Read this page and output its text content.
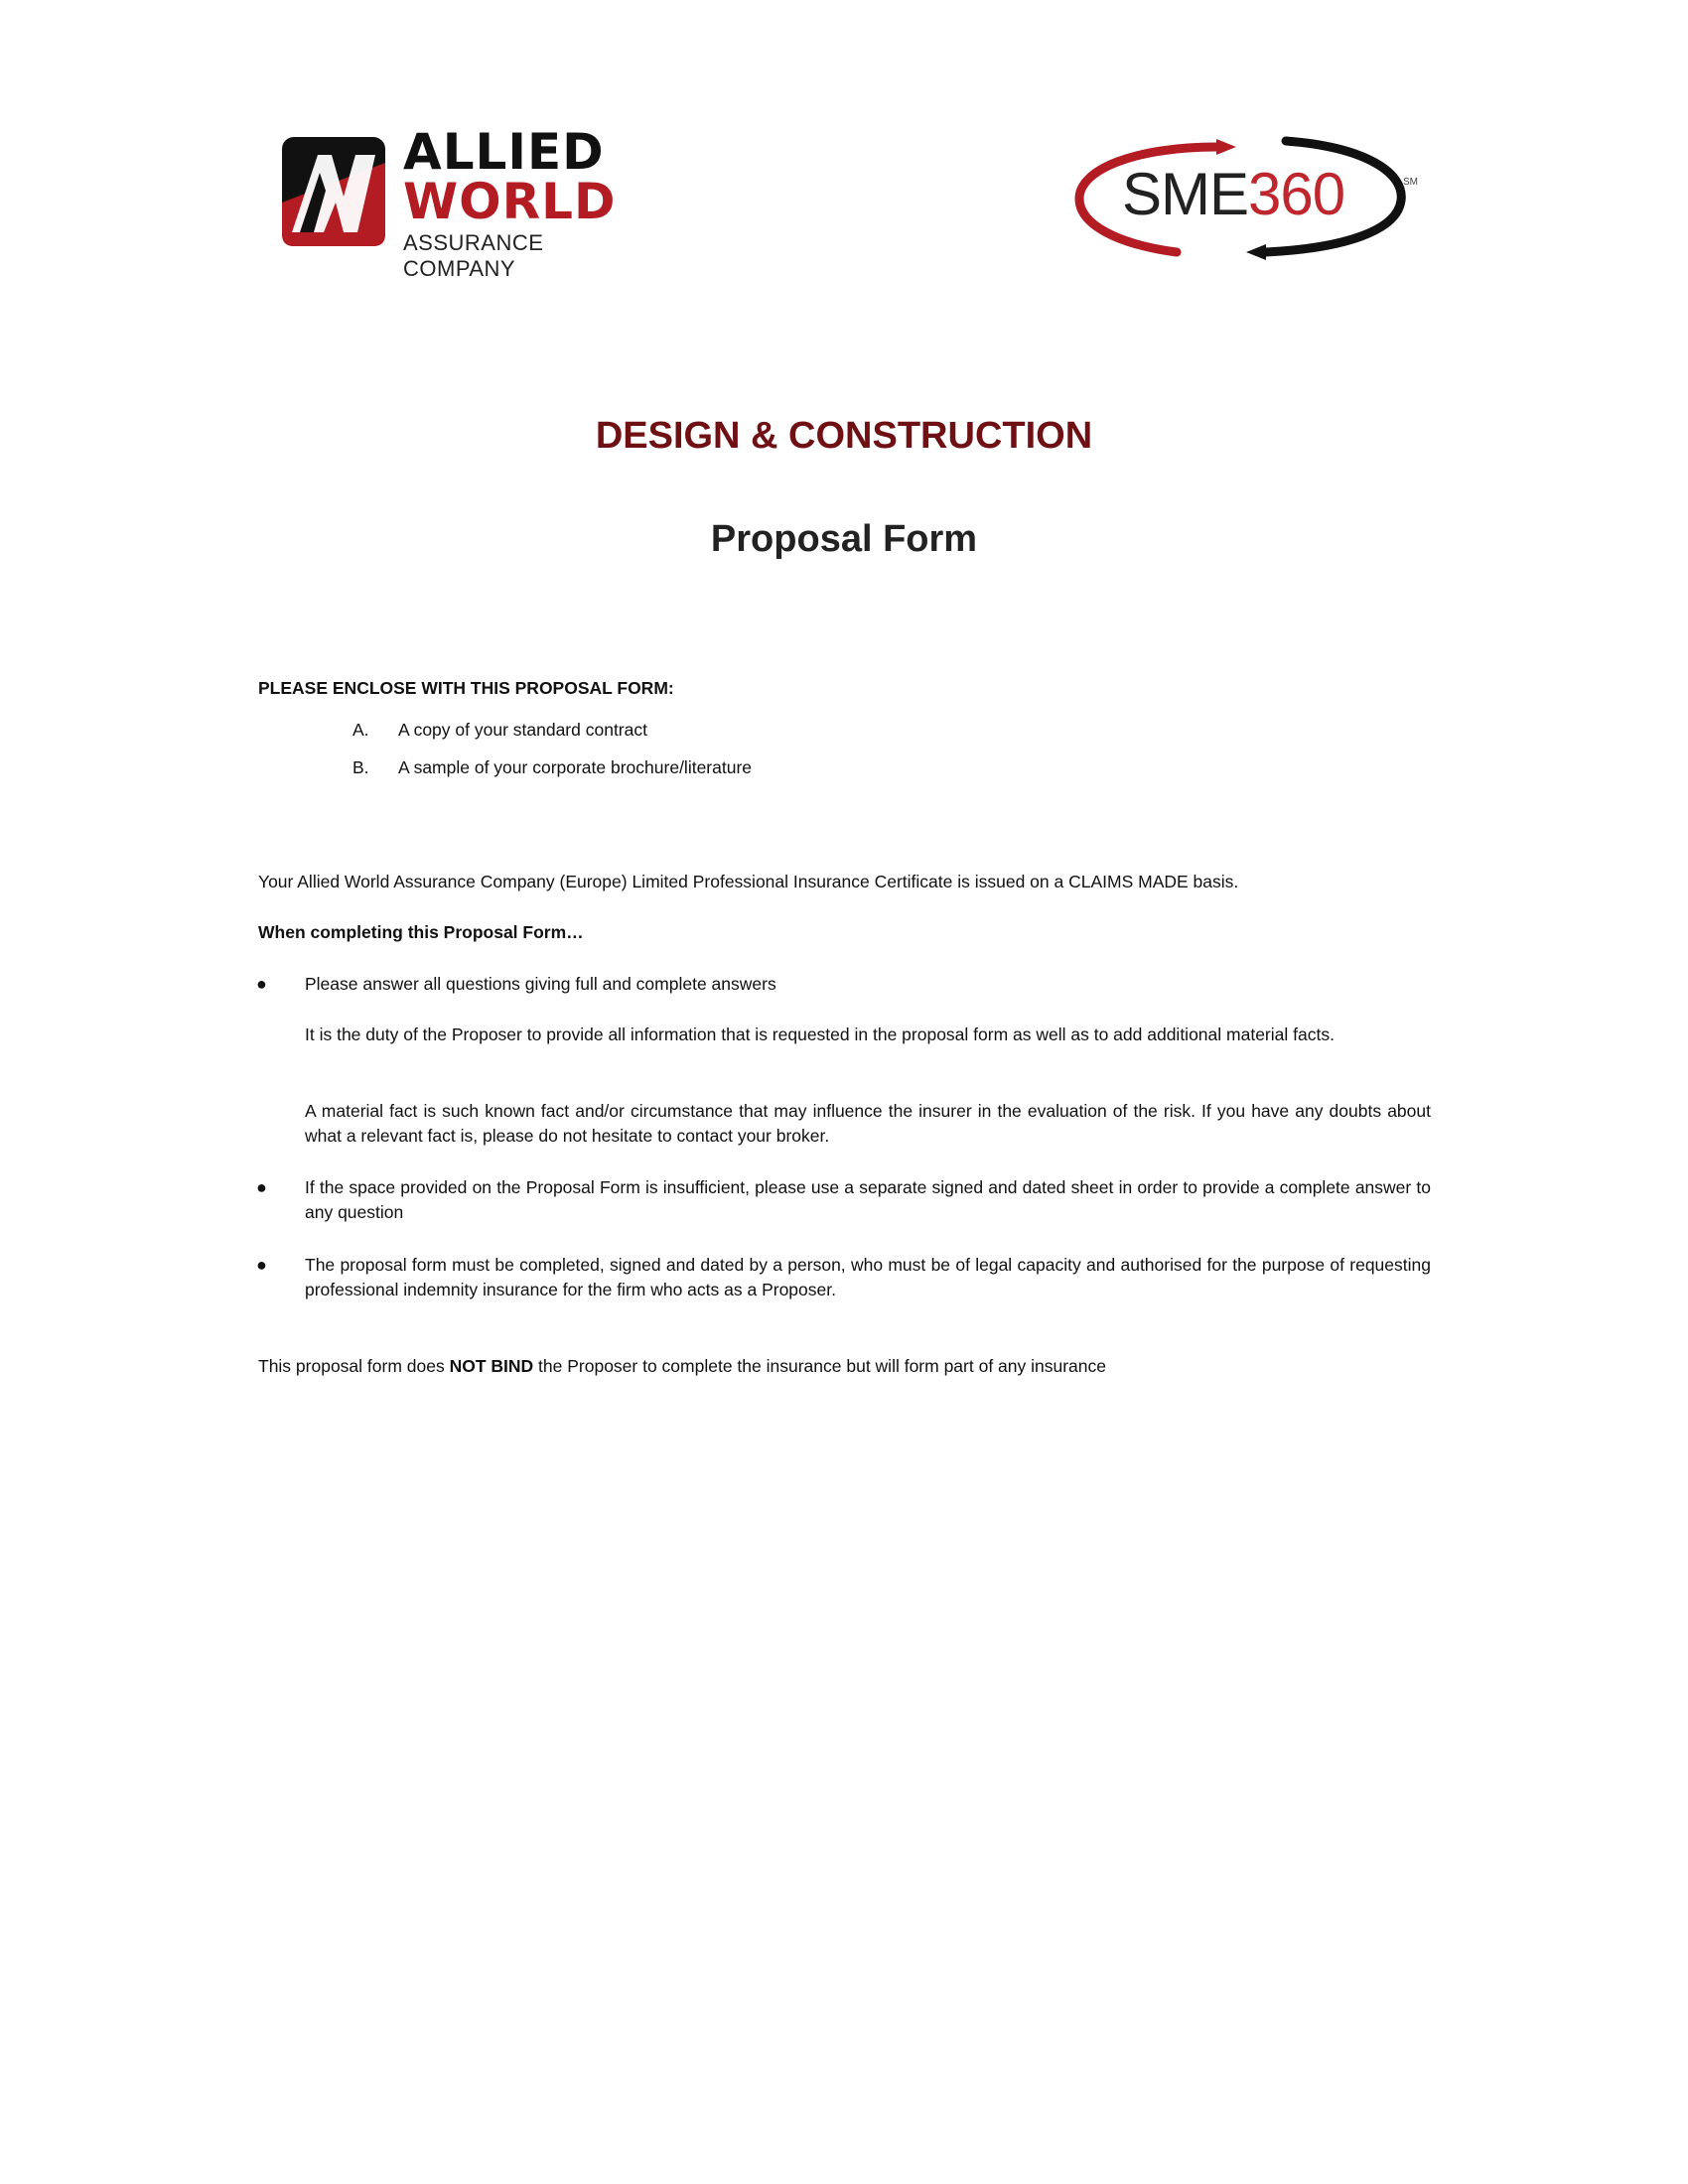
ALLIED
WORLD
ASSURANCE COMPANY
SME360	SM
DESIGN & CONSTRUCTION
Proposal Form

PLEASE ENCLOSE WITH THIS PROPOSAL FORM:

A. A copy of your standard contract
B. A sample of your corporate brochure/literature

Your Allied World Assurance Company (Europe) Limited Professional Insurance Certificate is issued on a CLAIMS MADE basis.

When completing this Proposal Form…

● Please answer all questions giving full and complete answers

It is the duty of the Proposer to provide all information that is requested in the proposal form as well as to add additional material facts.

A material fact is such known fact and/or circumstance that may influence the insurer in the evaluation of the risk. If you have any doubts about what a relevant fact is, please do not hesitate to contact your broker.

● If the space provided on the Proposal Form is insufficient, please use a separate signed and dated sheet in order to provide a complete answer to any question

● The proposal form must be completed, signed and dated by a person, who must be of legal capacity and authorised for the purpose of requesting professional indemnity insurance for the firm who acts as a Proposer.

This proposal form does NOT BIND the Proposer to complete the insurance but will form part of any insurance
